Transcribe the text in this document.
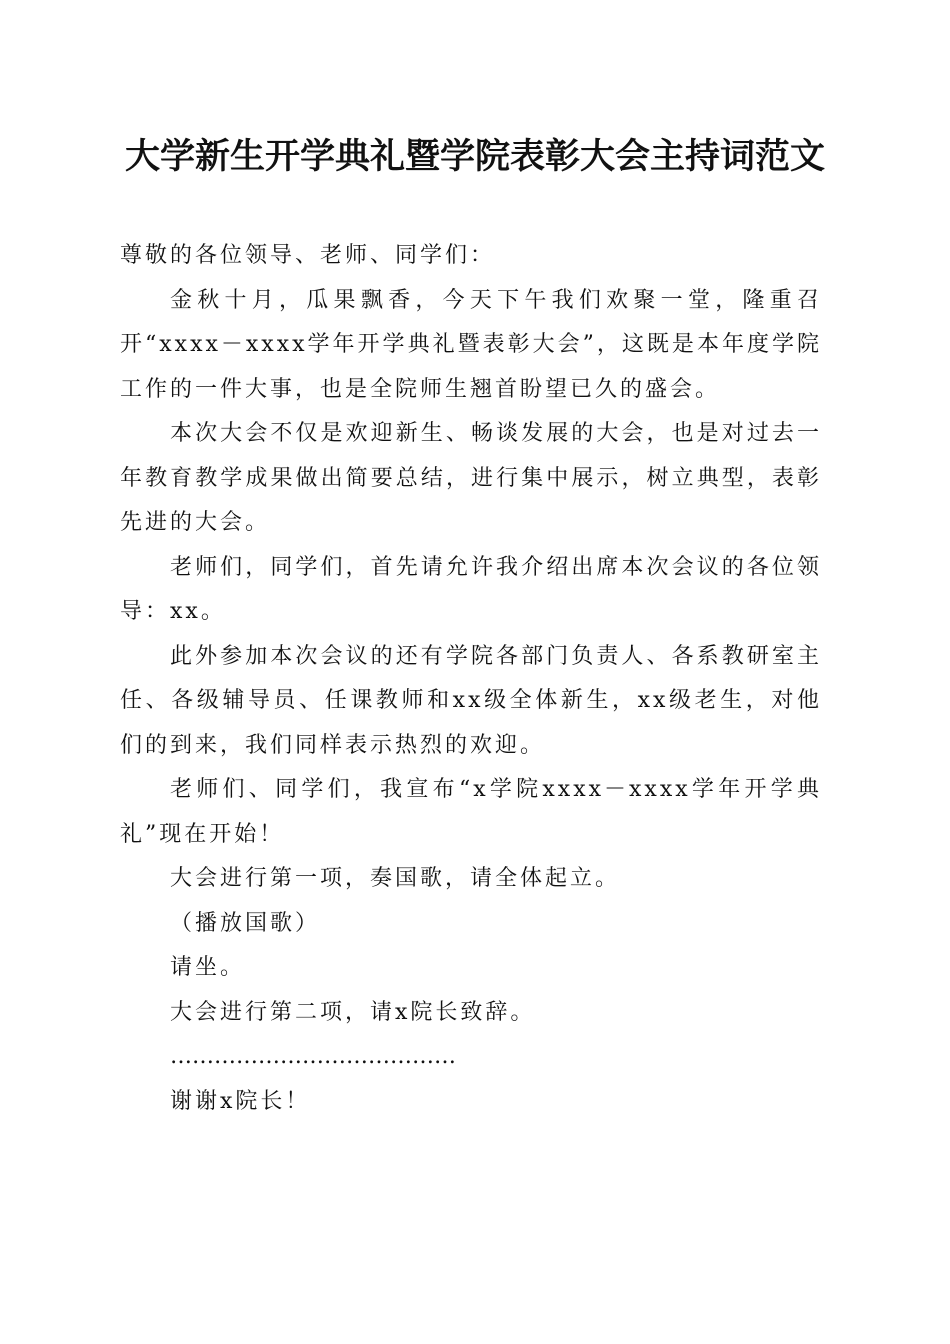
大学新生开学典礼暨学院表彰大会主持词范文

尊敬的各位领导、老师、同学们：

金秋十月，瓜果飘香，今天下午我们欢聚一堂，隆重召开“xxxx－xxxx学年开学典礼暨表彰大会”，这既是本年度学院工作的一件大事，也是全院师生翘首盼望已久的盛会。

本次大会不仅是欢迎新生、畅谈发展的大会，也是对过去一年教育教学成果做出简要总结，进行集中展示，树立典型，表彰先进的大会。

老师们，同学们，首先请允许我介绍出席本次会议的各位领导：xx。

此外参加本次会议的还有学院各部门负责人、各系教研室主任、各级辅导员、任课教师和xx级全体新生，xx级老生，对他们的到来，我们同样表示热烈的欢迎。

老师们、同学们，我宣布“x学院xxxx－xxxx学年开学典礼”现在开始！

大会进行第一项，奏国歌，请全体起立。

（播放国歌）

请坐。

大会进行第二项，请x院长致辞。

…………………………………

谢谢x院长！
